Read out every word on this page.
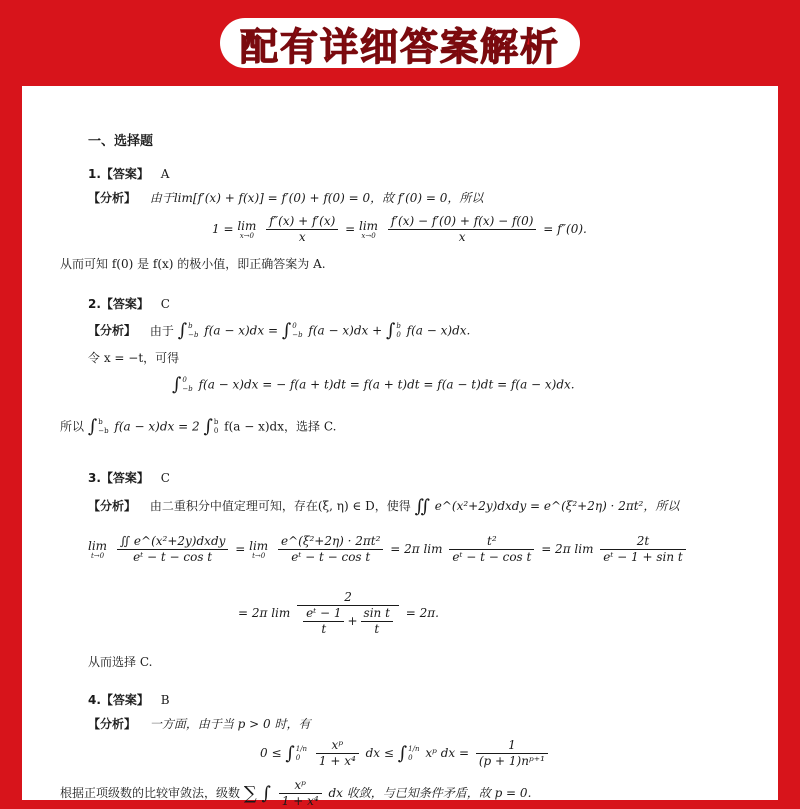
配有详细答案解析
一、选择题
1.【答案】 A
【分析】 由于lim[f′(x) + f(x)] = f′(0) + f(0) = 0，故 f′(0) = 0，所以
1 = lim
x→0
$\frac{f''(x) + f'(x)}{x} = \lim$
x→0
$\frac{f'(x) - f'(0) + f(x) - f(0)}{x} = f''(0)$.
从而可知 f(0) 是 f(x) 的极小值，即正确答案为 A.
2.【答案】 C
【分析】 由于 ∫b
−b f(a − x)dx = ∫0
−b f(a − x)dx + ∫b
0 f(a − x)dx.
令 x = −t，可得
∫0
−b f(a − x)dx = − f(a + t)dt = f(a + t)dt = f(a − t)dt = f(a − x)dx.
所以 ∫b
−b f(a − x)dx = 2 ∫b
0 f(a − x)dx，选择 C.
3.【答案】 C
【分析】 由二重积分中值定理可知，存在(ξ, η) ∈ D，使得 ∬ e^(x²+2y)dxdy = e^(ξ²+2η) · 2πt²，所以
lim
t→0
$\frac{\text{∬ e\textasciicircum{}(x²+2y)dxdy}}{\text{eᵗ − t − cos t}} = \lim$
t→0
$\frac{\text{e\textasciicircum{}(ξ²+2η) · 2πt²}}{\text{eᵗ − t − cos t}} = 2\pi$ $\lim \frac{\text{t²}}{\text{eᵗ − t − cos t}} = 2\pi$ $\lim \frac{2t}{\text{eᵗ − 1 + sin t}}$
= 2π lim
2
$\frac{\text{eᵗ − 1}}{t} + \frac{\text{sin t}}{t} = 2\pi$.
从而选择 C.
4.【答案】 B
【分析】 一方面，由于当 p > 0 时，有
0 ≤ ∫1/n
$0 \frac{\text{xᵖ}}{\text{1 + x⁴}}$ dx ≤ ∫1/n
0 xᵖ dx = $\frac{1}{\text{(p + 1)nᵖ⁺¹}}$
根据正项级数的比较审敛法，级数 ∑ ∫ $\frac{\text{xᵖ}}{\text{1 + x⁴}}$ dx 收敛，与已知条件矛盾，故 p = 0.
